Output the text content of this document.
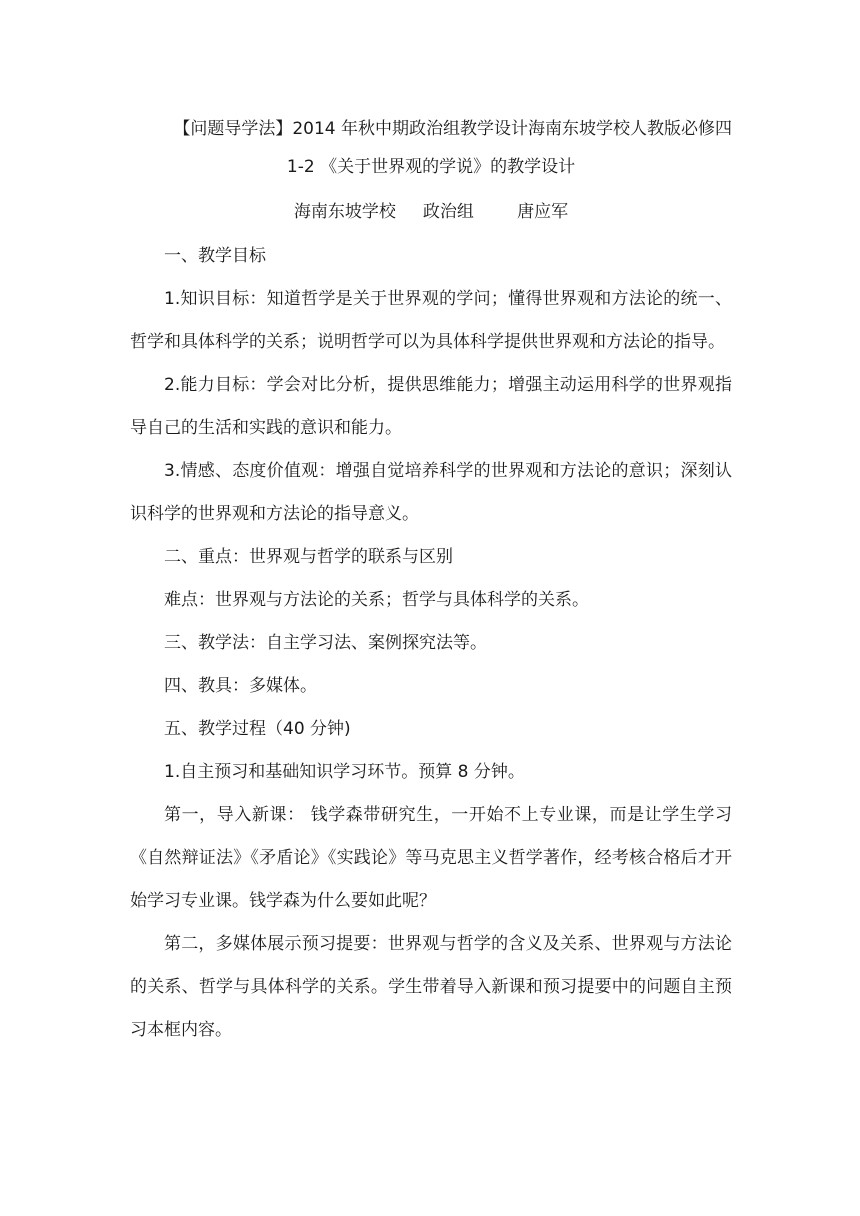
【问题导学法】2014 年秋中期政治组教学设计海南东坡学校人教版必修四
1-2 《关于世界观的学说》的教学设计
海南东坡学校     政治组        唐应军

一、教学目标

1.知识目标：知道哲学是关于世界观的学问；懂得世界观和方法论的统一、哲学和具体科学的关系；说明哲学可以为具体科学提供世界观和方法论的指导。

2.能力目标：学会对比分析，提供思维能力；增强主动运用科学的世界观指导自己的生活和实践的意识和能力。

3.情感、态度价值观：增强自觉培养科学的世界观和方法论的意识；深刻认识科学的世界观和方法论的指导意义。

二、重点：世界观与哲学的联系与区别

难点：世界观与方法论的关系；哲学与具体科学的关系。

三、教学法：自主学习法、案例探究法等。

四、教具：多媒体。

五、教学过程（40 分钟)

1.自主预习和基础知识学习环节。预算 8 分钟。

第一，导入新课： 钱学森带研究生，一开始不上专业课，而是让学生学习《自然辩证法》《矛盾论》《实践论》等马克思主义哲学著作，经考核合格后才开始学习专业课。钱学森为什么要如此呢？

第二，多媒体展示预习提要：世界观与哲学的含义及关系、世界观与方法论的关系、哲学与具体科学的关系。学生带着导入新课和预习提要中的问题自主预习本框内容。
